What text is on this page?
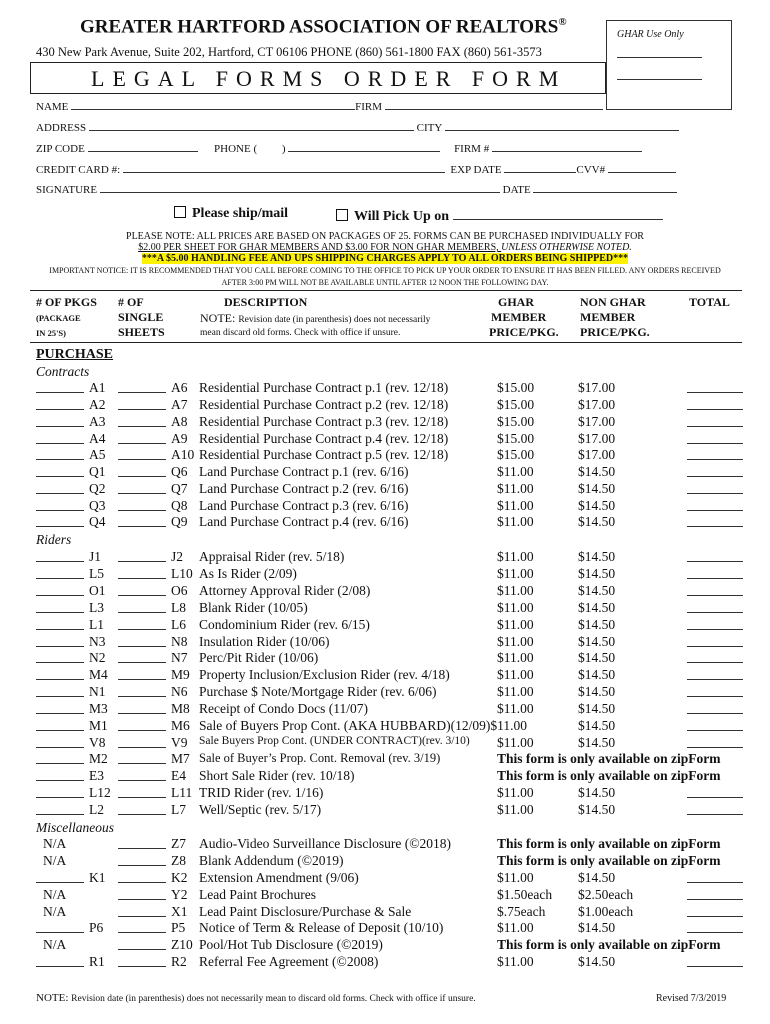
GREATER HARTFORD ASSOCIATION OF REALTORS®
430 New Park Avenue, Suite 202, Hartford, CT 06106 PHONE (860) 561-1800 FAX (860) 561-3573
GHAR Use Only
LEGAL FORMS ORDER FORM
NAME	FIRM
ADDRESS	CITY
ZIP CODE	PHONE ( )	FIRM #
CREDIT CARD #:	EXP DATE	CVV#
SIGNATURE	DATE
Please ship/mail	Will Pick Up on
PLEASE NOTE: ALL PRICES ARE BASED ON PACKAGES OF 25. FORMS CAN BE PURCHASED INDIVIDUALLY FOR
$2.00 PER SHEET FOR GHAR MEMBERS AND $3.00 FOR NON GHAR MEMBERS, UNLESS OTHERWISE NOTED.
***A $5.00 HANDLING FEE AND UPS SHIPPING CHARGES APPLY TO ALL ORDERS BEING SHIPPED***
IMPORTANT NOTICE: IT IS RECOMMENDED THAT YOU CALL BEFORE COMING TO THE OFFICE TO PICK UP YOUR ORDER TO ENSURE IT HAS BEEN FILLED. ANY ORDERS RECEIVED
AFTER 3:00 PM WILL NOT BE AVAILABLE UNTIL AFTER 12 NOON THE FOLLOWING DAY.
# OF PKGS
(PACKAGE
IN 25'S)
# OF
SINGLE
SHEETS
DESCRIPTION
NOTE: Revision date (in parenthesis) does not necessarily
mean discard old forms. Check with office if unsure.
GHAR
MEMBER
PRICE/PKG.
NON GHAR
MEMBER
PRICE/PKG.
TOTAL
PURCHASE
Contracts
Riders
Miscellaneous
A1	A6 Residential Purchase Contract p.1 (rev. 12/18)	$15.00	$17.00
A2	A7 Residential Purchase Contract p.2 (rev. 12/18)	$15.00	$17.00
A3	A8 Residential Purchase Contract p.3 (rev. 12/18)	$15.00	$17.00
A4	A9 Residential Purchase Contract p.4 (rev. 12/18)	$15.00	$17.00
A5	A10 Residential Purchase Contract p.5 (rev. 12/18)	$15.00	$17.00
Q1	Q6 Land Purchase Contract p.1 (rev. 6/16)	$11.00	$14.50
Q2	Q7 Land Purchase Contract p.2 (rev. 6/16)	$11.00	$14.50
Q3	Q8 Land Purchase Contract p.3 (rev. 6/16)	$11.00	$14.50
Q4	Q9 Land Purchase Contract p.4 (rev. 6/16)	$11.00	$14.50
J1	J2 Appraisal Rider (rev. 5/18)	$11.00	$14.50
L5	L10 As Is Rider (2/09)	$11.00	$14.50
O1	O6 Attorney Approval Rider (2/08)	$11.00	$14.50
L3	L8 Blank Rider (10/05)	$11.00	$14.50
L1	L6 Condominium Rider (rev. 6/15)	$11.00	$14.50
N3	N8 Insulation Rider (10/06)	$11.00	$14.50
N2	N7 Perc/Pit Rider (10/06)	$11.00	$14.50
M4	M9 Property Inclusion/Exclusion Rider (rev. 4/18)	$11.00	$14.50
N1	N6 Purchase $ Note/Mortgage Rider (rev. 6/06)	$11.00	$14.50
M3	M8 Receipt of Condo Docs (11/07)	$11.00	$14.50
M1	M6 Sale of Buyers Prop Cont. (AKA HUBBARD)(12/09)$11.00	$14.50
V8	V9 Sale Buyers Prop Cont. (UNDER CONTRACT)(rev. 3/10) $11.00	$14.50
M2	M7 Sale of Buyer’s Prop. Cont. Removal (rev. 3/19)	This form is only available on zipForm
E3	E4 Short Sale Rider (rev. 10/18)	This form is only available on zipForm
L12	L11 TRID Rider (rev. 1/16)	$11.00	$14.50
L2	L7 Well/Septic (rev. 5/17)	$11.00	$14.50
N/A	Z7 Audio-Video Surveillance Disclosure (©2018)	This form is only available on zipForm
N/A	Z8 Blank Addendum (©2019)	This form is only available on zipForm
K1	K2 Extension Amendment (9/06)	$11.00	$14.50
N/A	Y2 Lead Paint Brochures	$1.50each $2.50each
N/A	X1 Lead Paint Disclosure/Purchase & Sale	$.75each $1.00each
P6	P5 Notice of Term & Release of Deposit (10/10)	$11.00	$14.50
N/A	Z10 Pool/Hot Tub Disclosure (©2019)	This form is only available on zipForm
R1	R2 Referral Fee Agreement (©2008)	$11.00	$14.50
NOTE: Revision date (in parenthesis) does not necessarily mean to discard old forms. Check with office if unsure.	Revised 7/3/2019
